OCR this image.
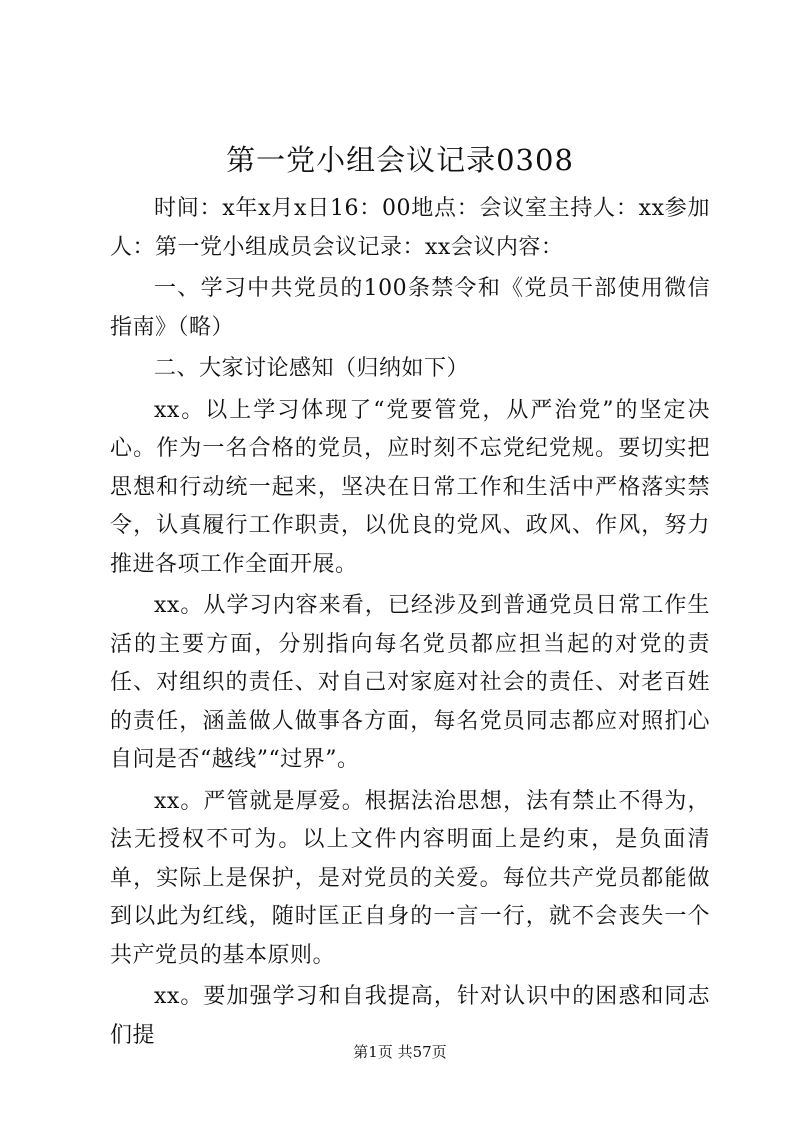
第一党小组会议记录0308

时间：x年x月x日16：00地点：会议室主持人：xx参加人：第一党小组成员会议记录：xx会议内容：

一、学习中共党员的100条禁令和《党员干部使用微信指南》（略）

二、大家讨论感知（归纳如下）

xx。以上学习体现了“党要管党，从严治党”的坚定决心。作为一名合格的党员，应时刻不忘党纪党规。要切实把思想和行动统一起来，坚决在日常工作和生活中严格落实禁令，认真履行工作职责，以优良的党风、政风、作风，努力推进各项工作全面开展。

xx。从学习内容来看，已经涉及到普通党员日常工作生活的主要方面，分别指向每名党员都应担当起的对党的责任、对组织的责任、对自己对家庭对社会的责任、对老百姓的责任，涵盖做人做事各方面，每名党员同志都应对照扪心自问是否“越线”“过界”。

xx。严管就是厚爱。根据法治思想，法有禁止不得为，法无授权不可为。以上文件内容明面上是约束，是负面清单，实际上是保护，是对党员的关爱。每位共产党员都能做到以此为红线，随时匡正自身的一言一行，就不会丧失一个共产党员的基本原则。

xx。要加强学习和自我提高，针对认识中的困惑和同志们提

第1页 共57页
